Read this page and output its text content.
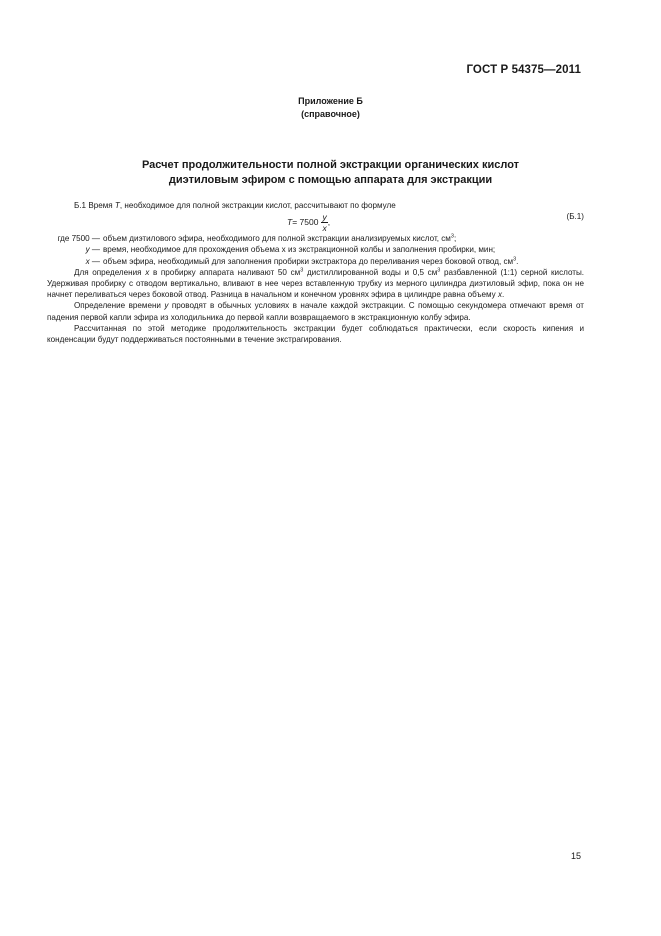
ГОСТ Р 54375—2011
Приложение Б
(справочное)
Расчет продолжительности полной экстракции органических кислот
диэтиловым эфиром с помощью аппарата для экстракции

Б.1 Время T, необходимое для полной экстракции кислот, рассчитывают по формуле

$T = 7500 \frac{y}{x}$ ,	(Б.1)
где 7500 — объем диэтилового эфира, необходимого для полной экстракции анализируемых кислот, $см^3$;
y — время, необходимое для прохождения объема x из экстракционной колбы и заполнения пробирки, мин;
x — объем эфира, необходимый для заполнения пробирки экстрактора до переливания через боковой отвод, $см^3$.

Для определения x в пробирку аппарата наливают 50 $см^3$ дистиллированной воды и 0,5 $см^3$ разбавленной (1:1) серной кислоты. Удерживая пробирку с отводом вертикально, вливают в нее через вставленную трубку из мерного цилиндра диэтиловый эфир, пока он не начнет переливаться через боковой отвод. Разница в начальном и конечном уровнях эфира в цилиндре равна объему x.

Определение времени y проводят в обычных условиях в начале каждой экстракции. С помощью секундомера отмечают время от падения первой капли эфира из холодильника до первой капли возвращаемого в экстракционную колбу эфира.

Рассчитанная по этой методике продолжительность экстракции будет соблюдаться практически, если скорость кипения и конденсации будут поддерживаться постоянными в течение экстрагирования.

15
